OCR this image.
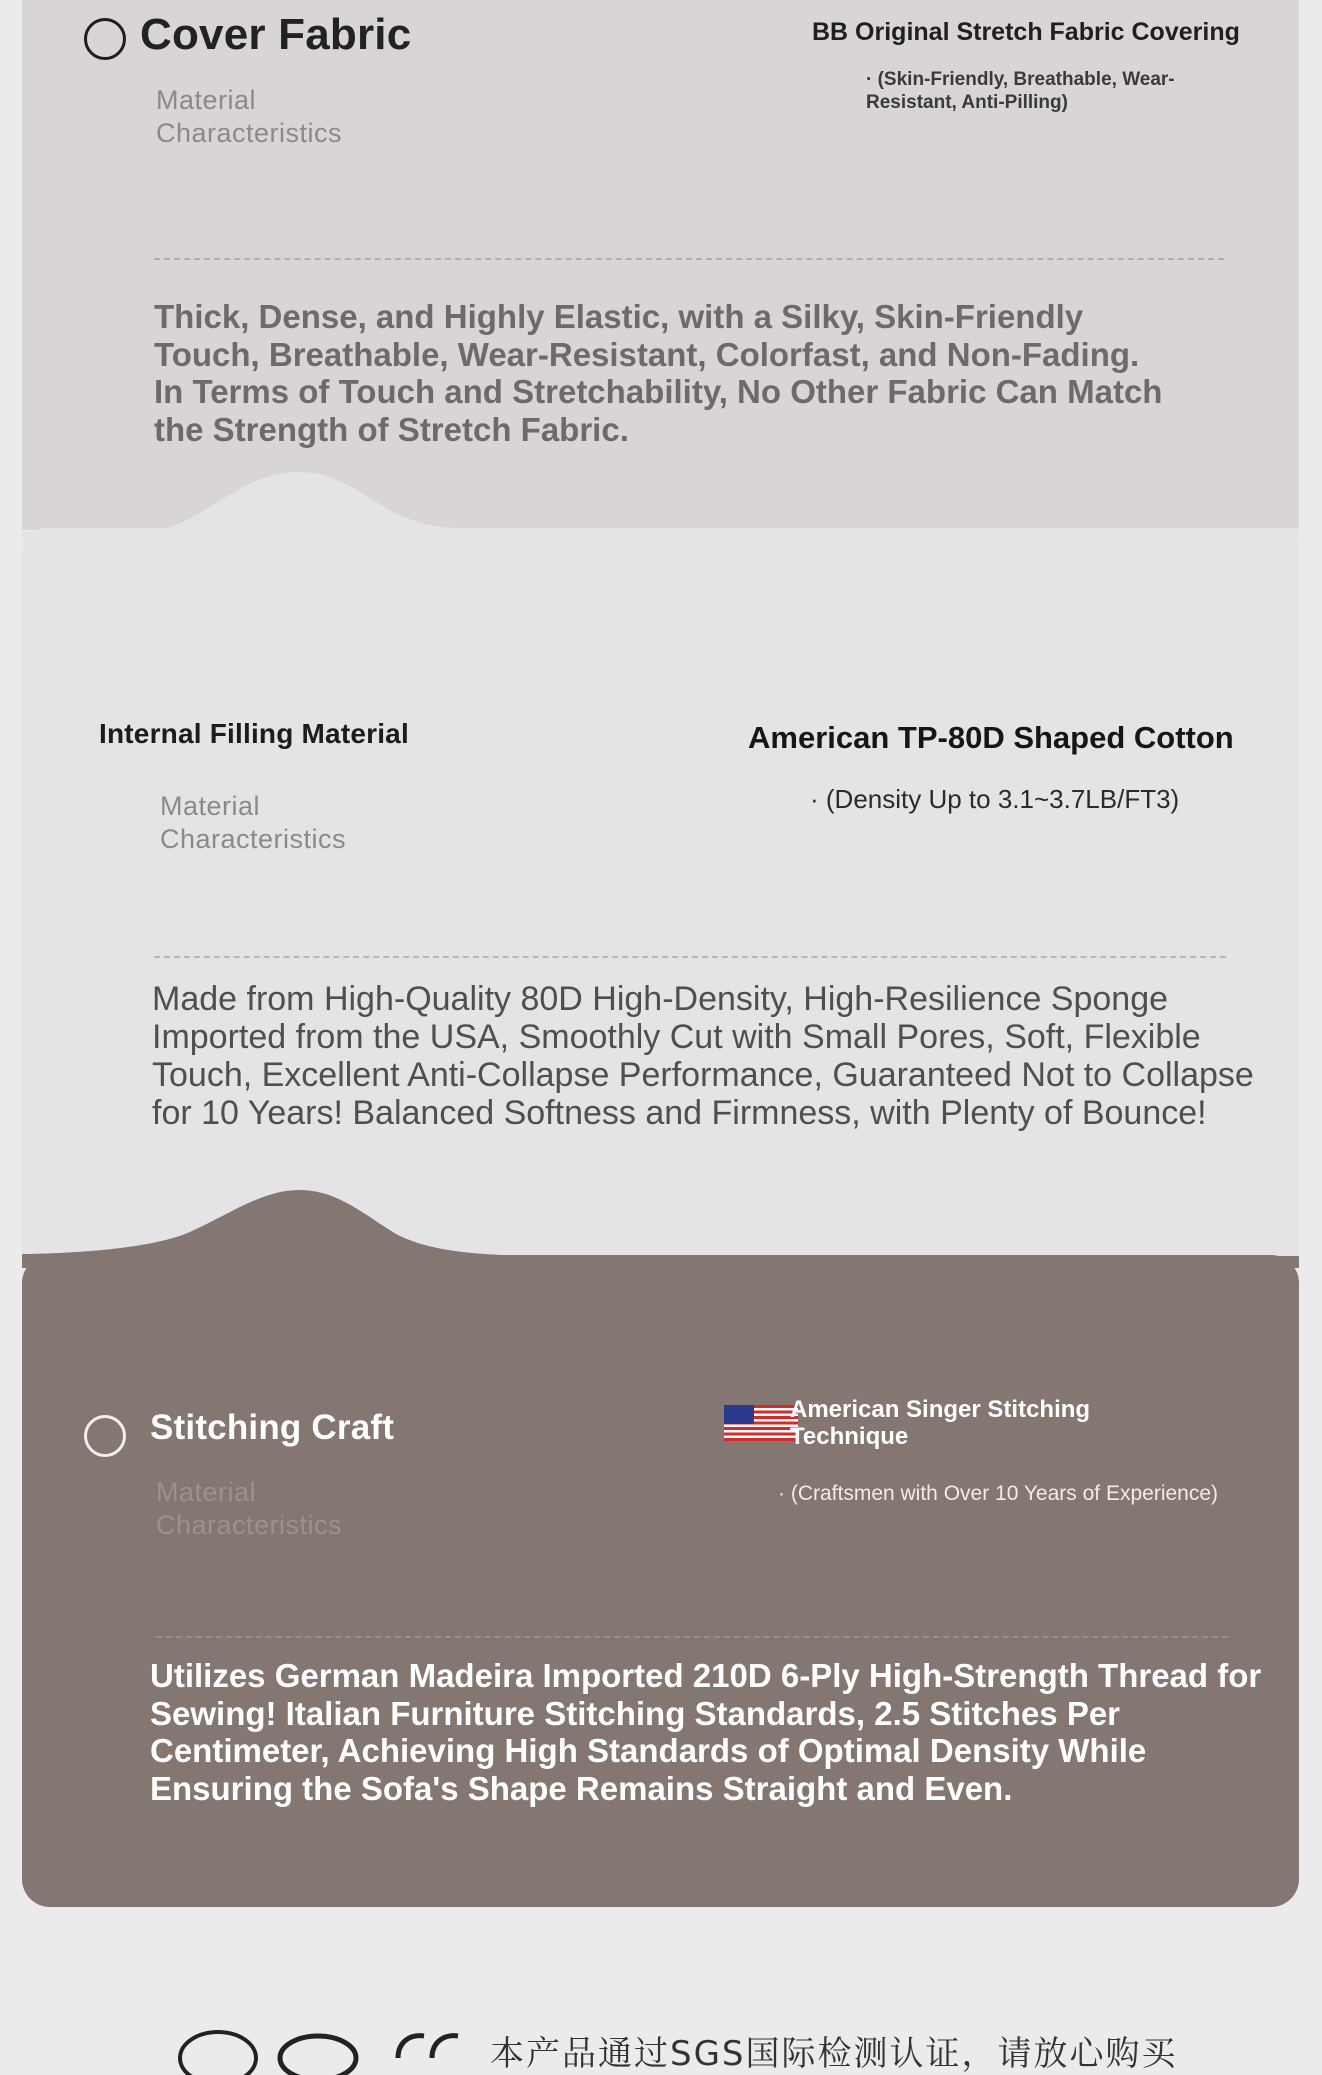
Cover Fabric
Material Characteristics
BB Original Stretch Fabric Covering
· (Skin-Friendly, Breathable, Wear-Resistant, Anti-Pilling)
Thick, Dense, and Highly Elastic, with a Silky, Skin-Friendly Touch, Breathable, Wear-Resistant, Colorfast, and Non-Fading. In Terms of Touch and Stretchability, No Other Fabric Can Match the Strength of Stretch Fabric.
Internal Filling Material
Material Characteristics
American TP-80D Shaped Cotton
· (Density Up to 3.1~3.7LB/FT3)
Made from High-Quality 80D High-Density, High-Resilience Sponge Imported from the USA, Smoothly Cut with Small Pores, Soft, Flexible Touch, Excellent Anti-Collapse Performance, Guaranteed Not to Collapse for 10 Years! Balanced Softness and Firmness, with Plenty of Bounce!
Stitching Craft
Material Characteristics
American Singer Stitching Technique
· (Craftsmen with Over 10 Years of Experience)
Utilizes German Madeira Imported 210D 6-Ply High-Strength Thread for Sewing! Italian Furniture Stitching Standards, 2.5 Stitches Per Centimeter, Achieving High Standards of Optimal Density While Ensuring the Sofa's Shape Remains Straight and Even.
本产品通过SGS国际检测认证，请放心购买
